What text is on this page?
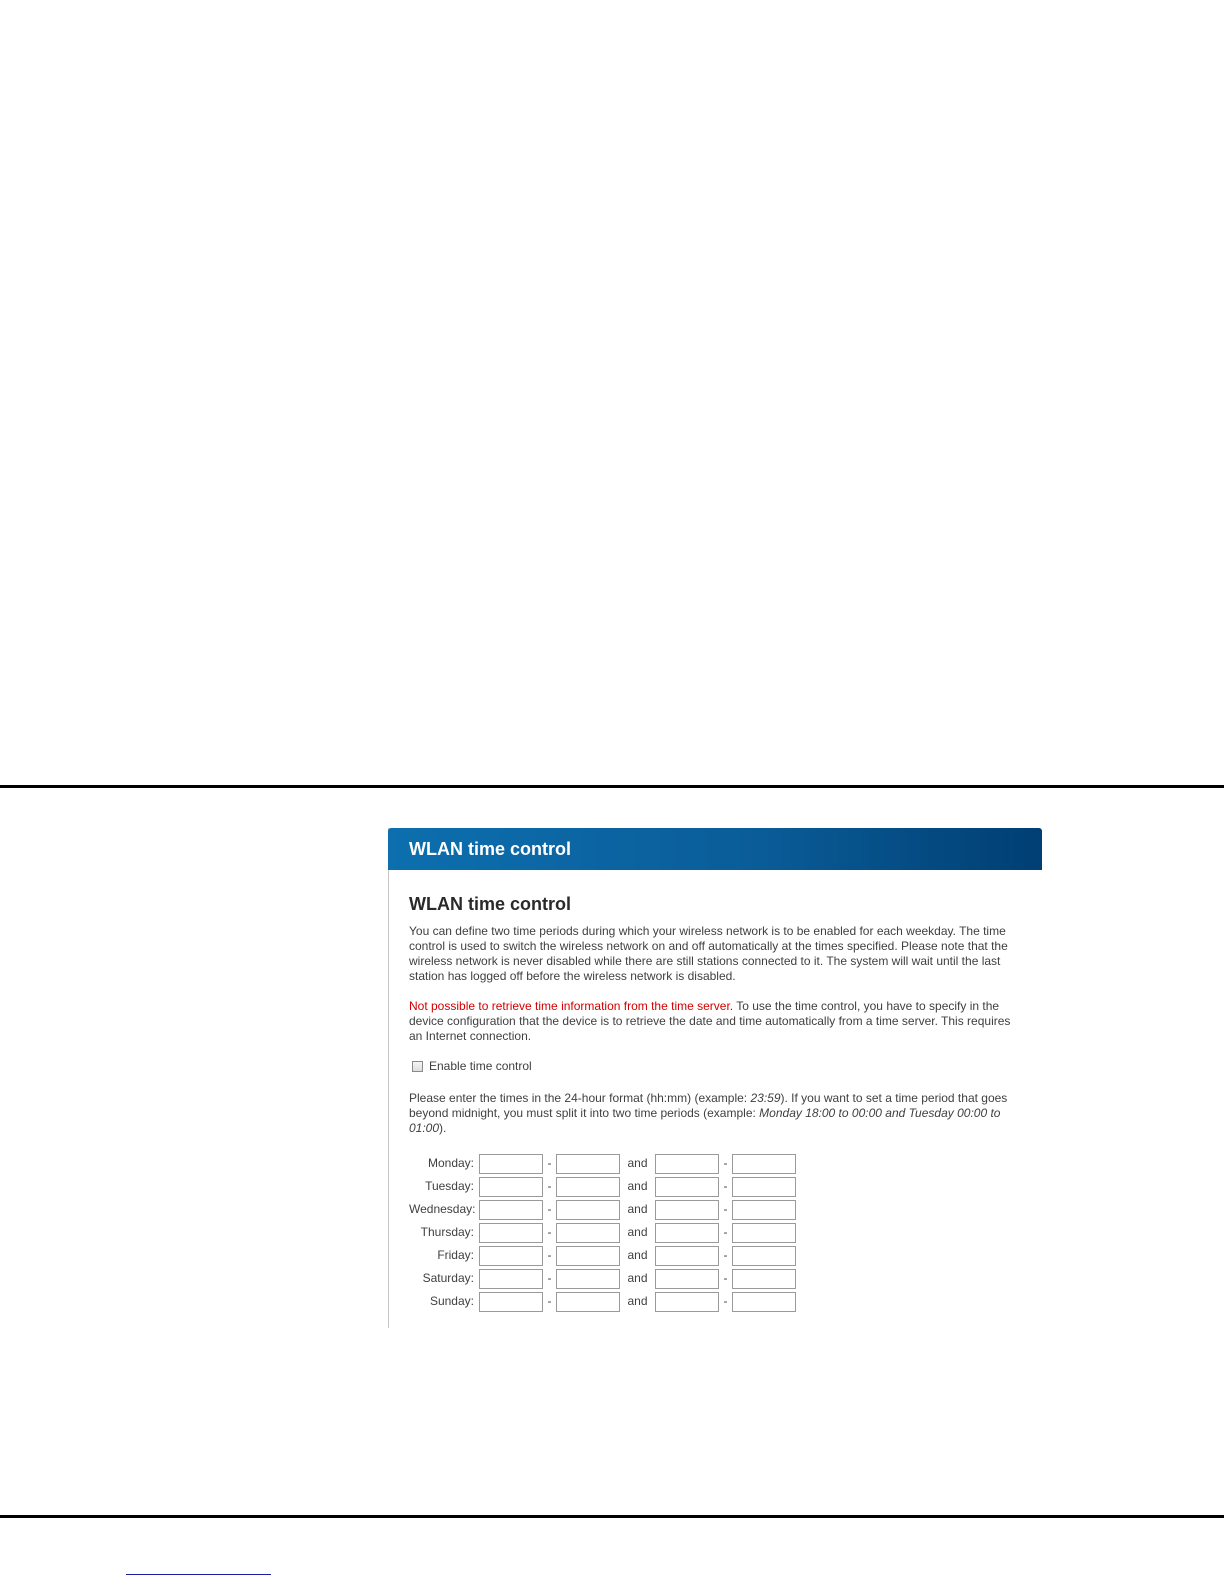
WLAN time control
WLAN time control

You can define two time periods during which your wireless network is to be enabled for each weekday. The time control is used to switch the wireless network on and off automatically at the times specified. Please note that the wireless network is never disabled while there are still stations connected to it. The system will wait until the last station has logged off before the wireless network is disabled.

Not possible to retrieve time information from the time server. To use the time control, you have to specify in the device configuration that the device is to retrieve the date and time automatically from a time server. This requires an Internet connection.

Enable time control

Please enter the times in the 24-hour format (hh:mm) (example: 23:59). If you want to set a time period that goes beyond midnight, you must split it into two time periods (example: Monday 18:00 to 00:00 and Tuesday 00:00 to 01:00).

Monday:	-	and	-
Tuesday:	-	and	-
Wednesday:	-	and	-
Thursday:	-	and	-
Friday:	-	and	-
Saturday:	-	and	-
Sunday:	-	and	-
